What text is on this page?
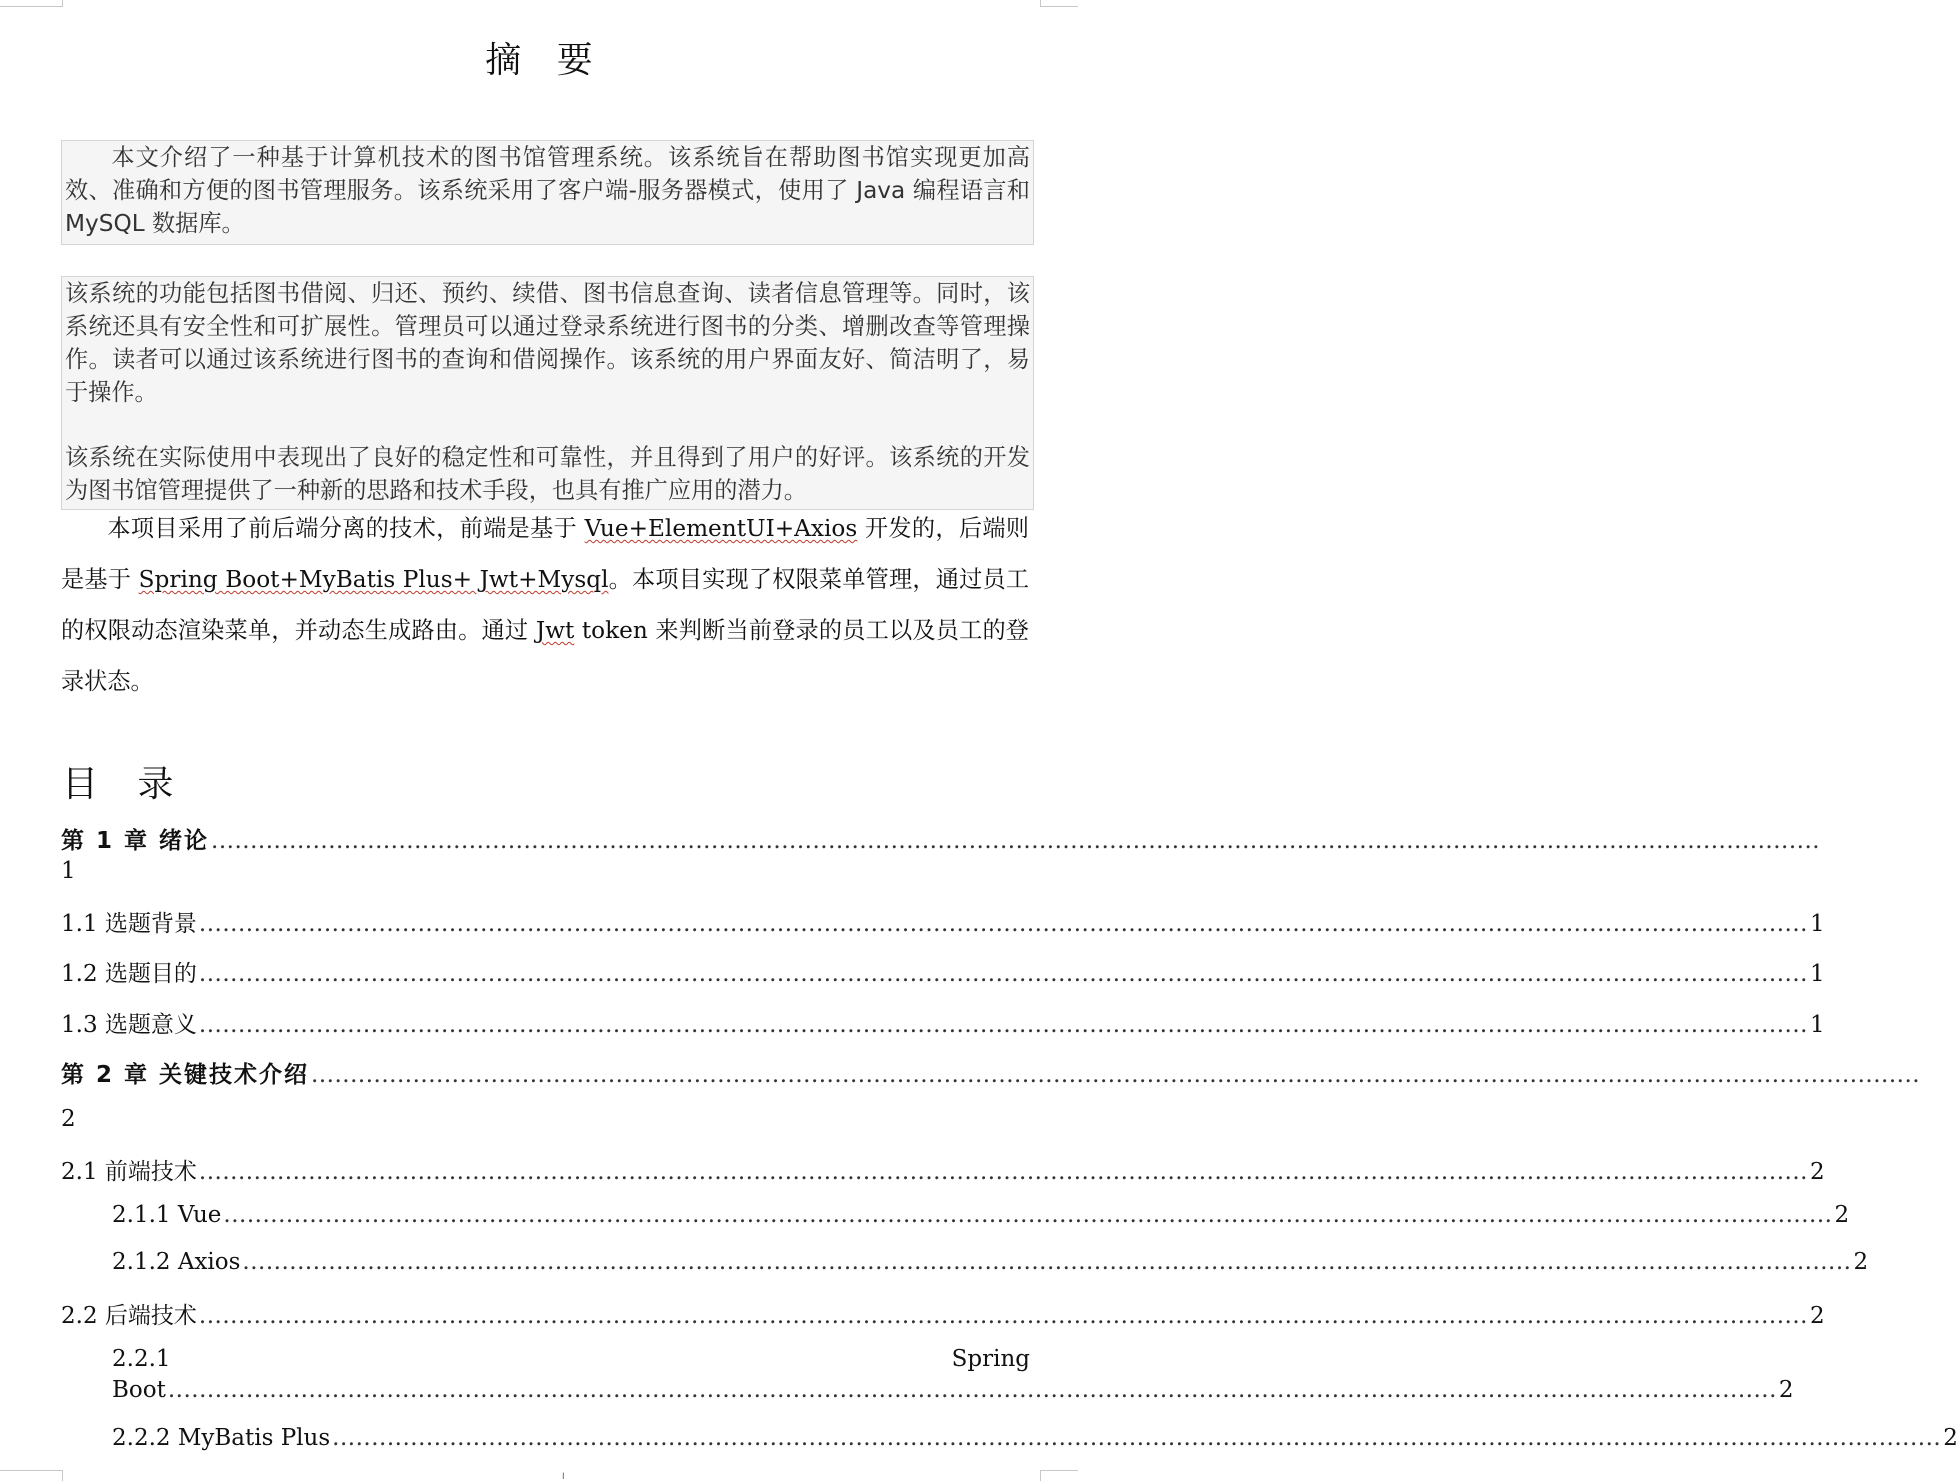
I
摘 要

本文介绍了一种基于计算机技术的图书馆管理系统。该系统旨在帮助图书馆实现更加高效、准确和方便的图书管理服务。该系统采用了客户端-服务器模式，使用了 Java 编程语言和 MySQL 数据库。

该系统的功能包括图书借阅、归还、预约、续借、图书信息查询、读者信息管理等。同时，该系统还具有安全性和可扩展性。管理员可以通过登录系统进行图书的分类、增删改查等管理操作。读者可以通过该系统进行图书的查询和借阅操作。该系统的用户界面友好、简洁明了，易于操作。

该系统在实际使用中表现出了良好的稳定性和可靠性，并且得到了用户的好评。该系统的开发为图书馆管理提供了一种新的思路和技术手段，也具有推广应用的潜力。

本项目采用了前后端分离的技术，前端是基于 Vue+ElementUI+Axios 开发的，后端则是基于 Spring Boot+MyBatis Plus+ Jwt+Mysql。本项目实现了权限菜单管理，通过员工的权限动态渲染菜单，并动态生成路由。通过 Jwt token 来判断当前登录的员工以及员工的登录状态。

目 录
第 1 章 绪论 ..............................................................................................................................................................................................................
1
1.1 选题背景 .............................................................................................................................................................................................................. 1
1.2 选题目的 .............................................................................................................................................................................................................. 1
1.3 选题意义 .............................................................................................................................................................................................................. 1
第 2 章 关键技术介绍 ..............................................................................................................................................................................................................
2
2.1 前端技术 .............................................................................................................................................................................................................. 2
2.1.1 Vue .............................................................................................................................................................................................................. 2
2.1.2 Axios .............................................................................................................................................................................................................. 2
2.2 后端技术 .............................................................................................................................................................................................................. 2
2.2.1	Spring
Boot .............................................................................................................................................................................................................. 2
2.2.2 MyBatis Plus .............................................................................................................................................................................................................. 2
